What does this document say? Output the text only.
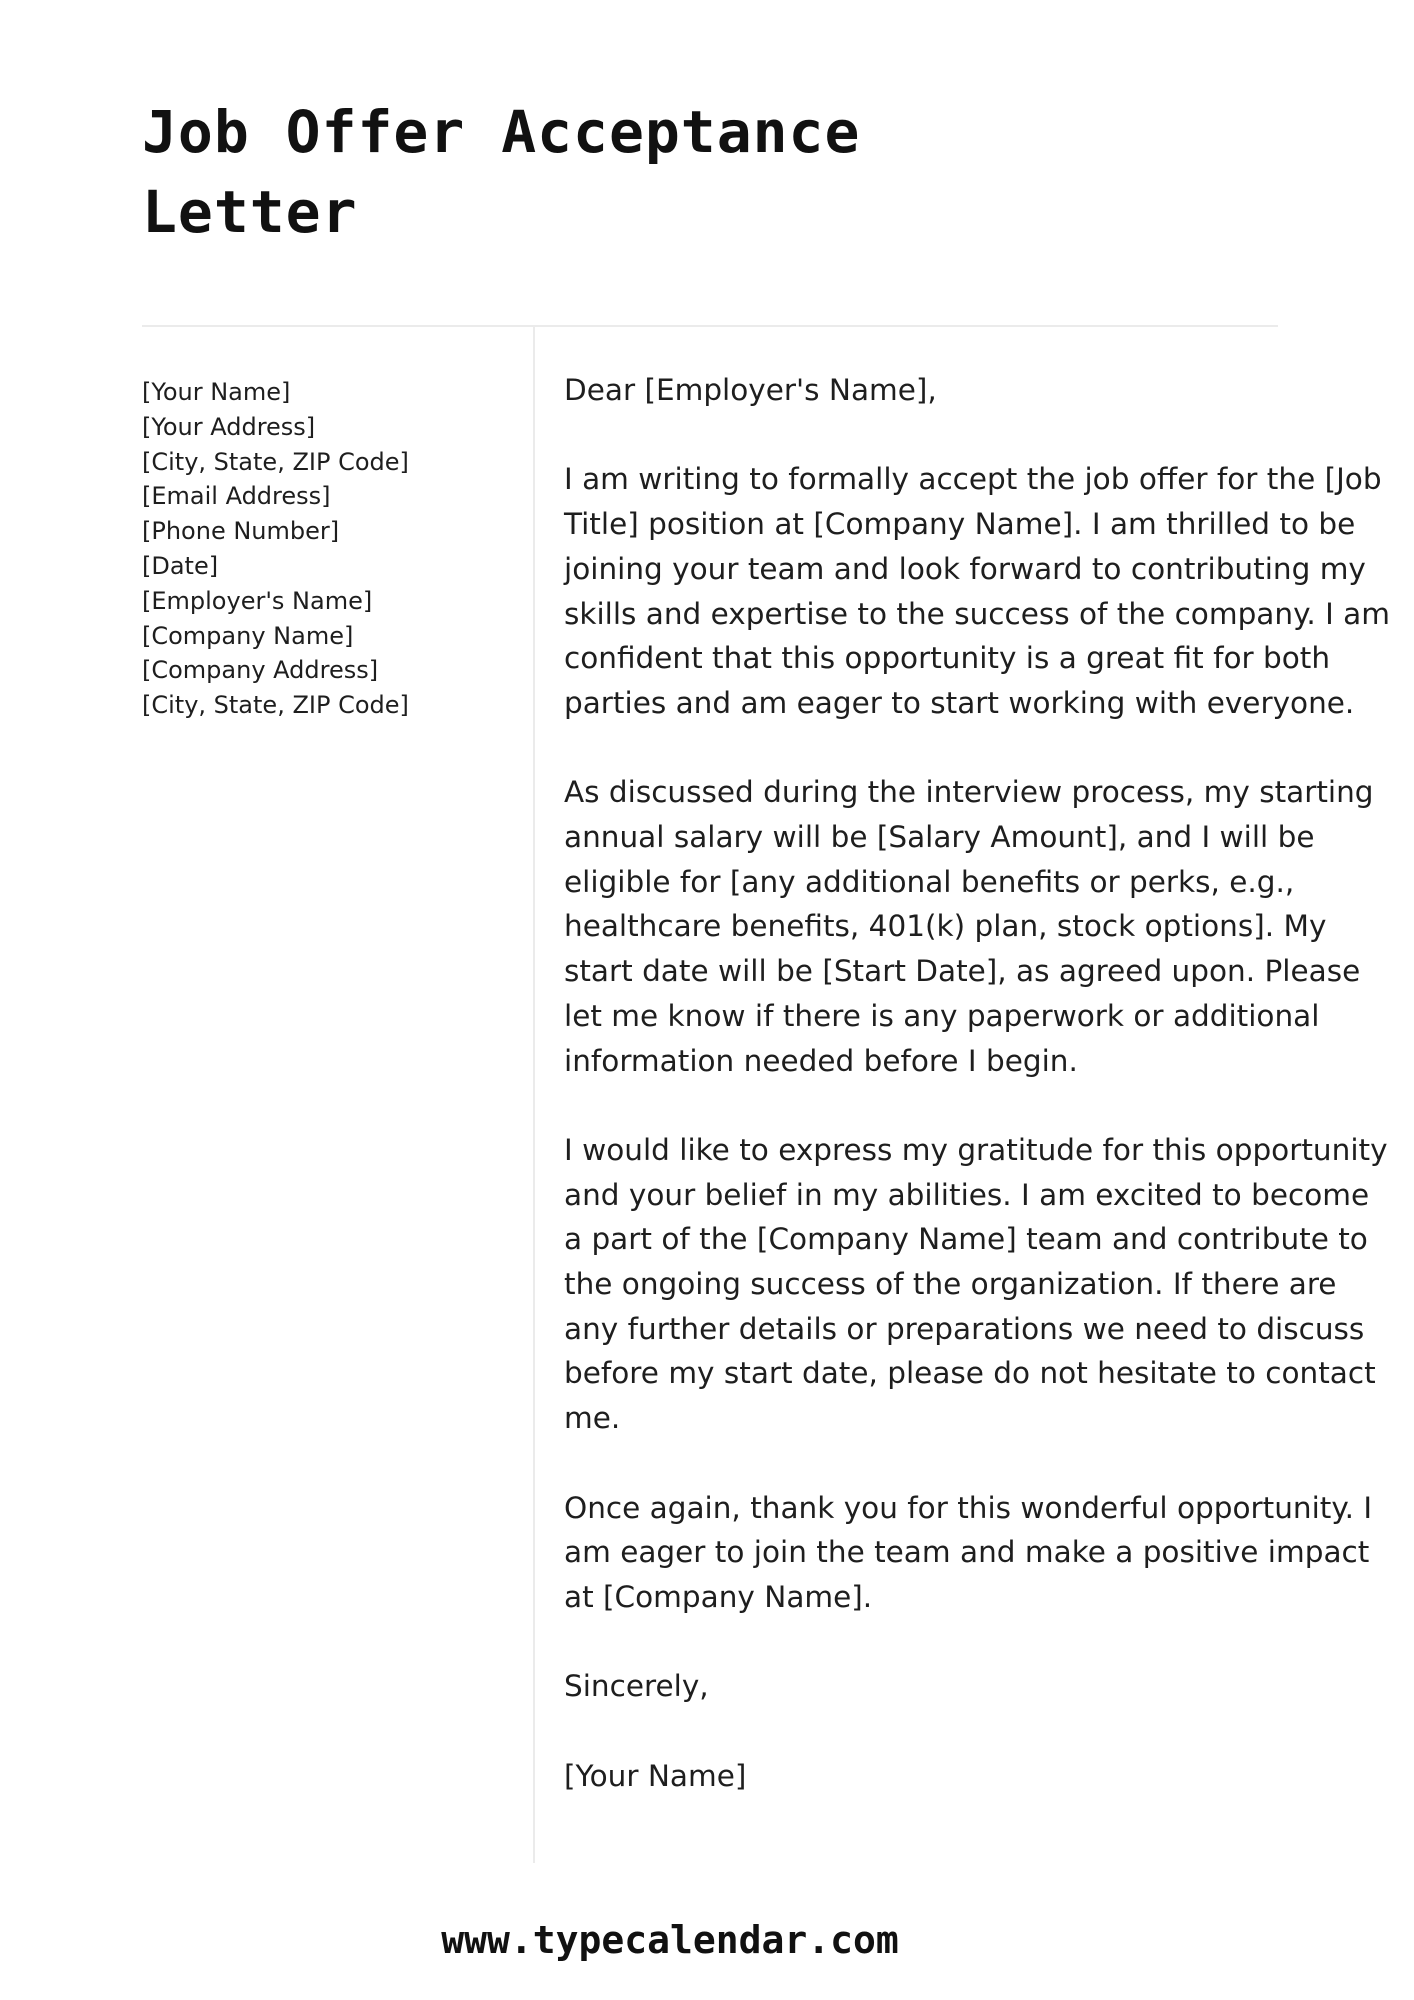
Job Offer Acceptance
Letter
[Your Name]
[Your Address]
[City, State, ZIP Code]
[Email Address]
[Phone Number]
[Date]
[Employer's Name]
[Company Name]
[Company Address]
[City, State, ZIP Code]

Dear [Employer's Name],

I am writing to formally accept the job offer for the [Job Title] position at [Company Name]. I am thrilled to be joining your team and look forward to contributing my skills and expertise to the success of the company. I am confident that this opportunity is a great fit for both parties and am eager to start working with everyone.

As discussed during the interview process, my starting annual salary will be [Salary Amount], and I will be eligible for [any additional benefits or perks, e.g., healthcare benefits, 401(k) plan, stock options]. My start date will be [Start Date], as agreed upon. Please let me know if there is any paperwork or additional information needed before I begin.

I would like to express my gratitude for this opportunity and your belief in my abilities. I am excited to become a part of the [Company Name] team and contribute to the ongoing success of the organization. If there are any further details or preparations we need to discuss before my start date, please do not hesitate to contact me.

Once again, thank you for this wonderful opportunity. I am eager to join the team and make a positive impact at [Company Name].

Sincerely,

[Your Name]

www.typecalendar.com
